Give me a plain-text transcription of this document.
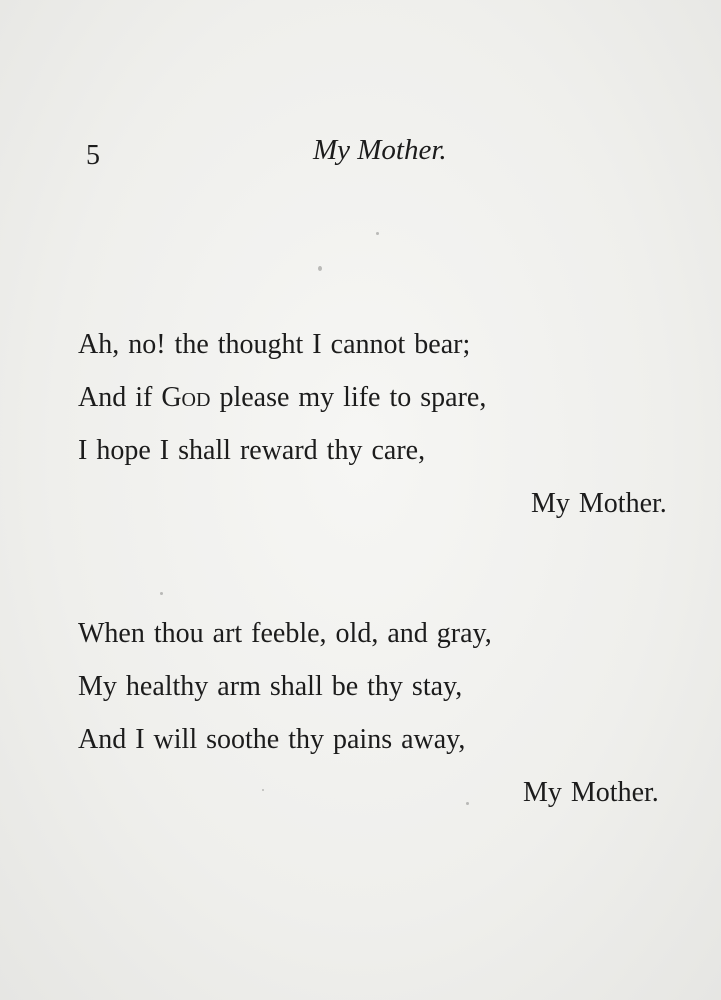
5	My Mother.
Ah, no! the thought I cannot bear;
And if God please my life to spare,
I hope I shall reward thy care,
My Mother.
When thou art feeble, old, and gray,
My healthy arm shall be thy stay,
And I will soothe thy pains away,
My Mother.
